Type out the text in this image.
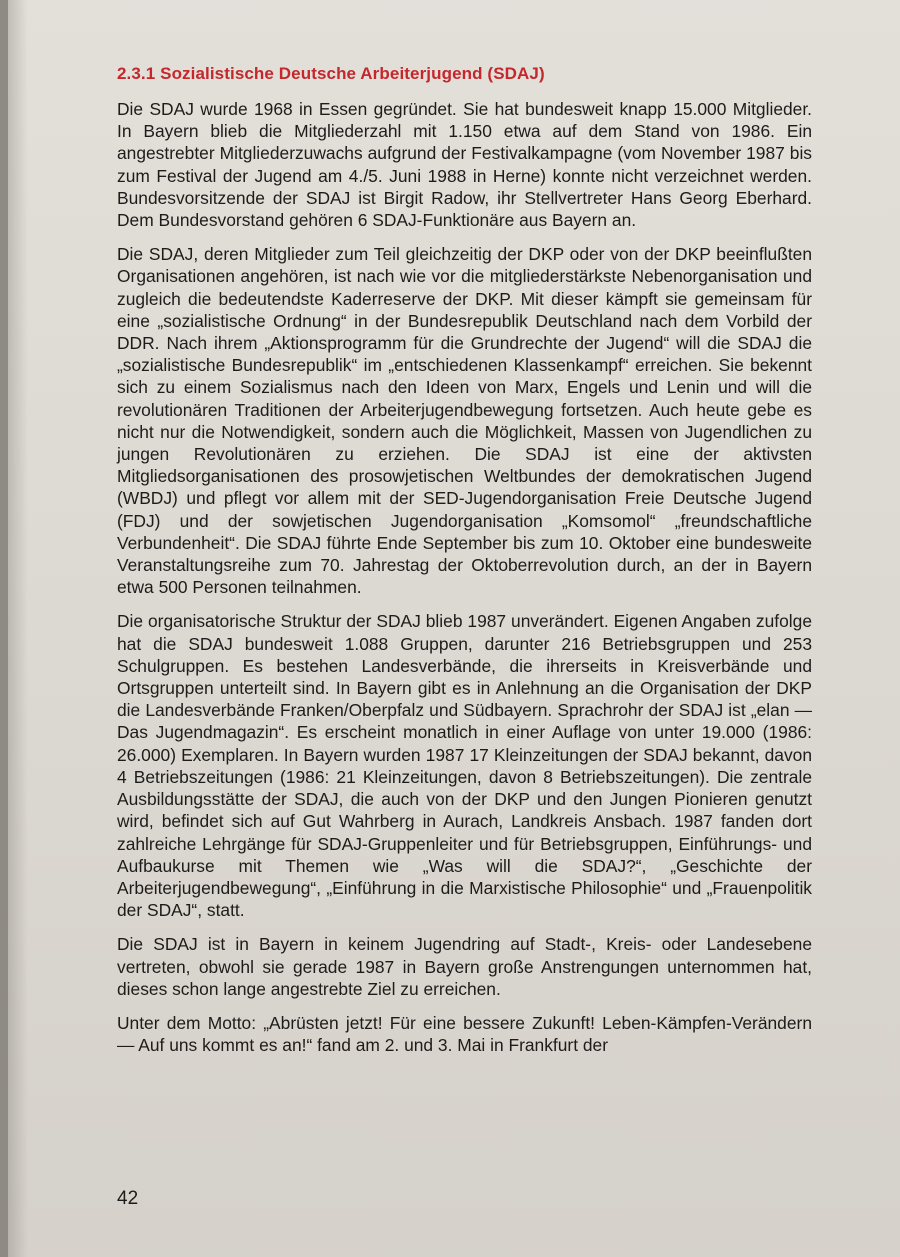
2.3.1 Sozialistische Deutsche Arbeiterjugend (SDAJ)

Die SDAJ wurde 1968 in Essen gegründet. Sie hat bundesweit knapp 15.000 Mitglieder. In Bayern blieb die Mitgliederzahl mit 1.150 etwa auf dem Stand von 1986. Ein angestrebter Mitgliederzuwachs aufgrund der Festivalkampagne (vom November 1987 bis zum Festival der Jugend am 4./5. Juni 1988 in Herne) konnte nicht verzeichnet werden. Bundesvorsitzende der SDAJ ist Birgit Radow, ihr Stellvertreter Hans Georg Eberhard. Dem Bundesvorstand gehören 6 SDAJ-Funktionäre aus Bayern an.

Die SDAJ, deren Mitglieder zum Teil gleichzeitig der DKP oder von der DKP beeinflußten Organisationen angehören, ist nach wie vor die mitgliederstärkste Nebenorganisation und zugleich die bedeutendste Kaderreserve der DKP. Mit dieser kämpft sie gemeinsam für eine „sozialistische Ordnung“ in der Bundesrepublik Deutschland nach dem Vorbild der DDR. Nach ihrem „Aktionsprogramm für die Grundrechte der Jugend“ will die SDAJ die „sozialistische Bundesrepublik“ im „entschiedenen Klassenkampf“ erreichen. Sie bekennt sich zu einem Sozialismus nach den Ideen von Marx, Engels und Lenin und will die revolutionären Traditionen der Arbeiterjugendbewegung fortsetzen. Auch heute gebe es nicht nur die Notwendigkeit, sondern auch die Möglichkeit, Massen von Jugendlichen zu jungen Revolutionären zu erziehen. Die SDAJ ist eine der aktivsten Mitgliedsorganisationen des prosowjetischen Weltbundes der demokratischen Jugend (WBDJ) und pflegt vor allem mit der SED-Jugendorganisation Freie Deutsche Jugend (FDJ) und der sowjetischen Jugendorganisation „Komsomol“ „freundschaftliche Verbundenheit“. Die SDAJ führte Ende September bis zum 10. Oktober eine bundesweite Veranstaltungsreihe zum 70. Jahrestag der Oktoberrevolution durch, an der in Bayern etwa 500 Personen teilnahmen.

Die organisatorische Struktur der SDAJ blieb 1987 unverändert. Eigenen Angaben zufolge hat die SDAJ bundesweit 1.088 Gruppen, darunter 216 Betriebsgruppen und 253 Schulgruppen. Es bestehen Landesverbände, die ihrerseits in Kreisverbände und Ortsgruppen unterteilt sind. In Bayern gibt es in Anlehnung an die Organisation der DKP die Landesverbände Franken/Oberpfalz und Südbayern. Sprachrohr der SDAJ ist „elan — Das Jugendmagazin“. Es erscheint monatlich in einer Auflage von unter 19.000 (1986: 26.000) Exemplaren. In Bayern wurden 1987 17 Kleinzeitungen der SDAJ bekannt, davon 4 Betriebszeitungen (1986: 21 Kleinzeitungen, davon 8 Betriebszeitungen). Die zentrale Ausbildungsstätte der SDAJ, die auch von der DKP und den Jungen Pionieren genutzt wird, befindet sich auf Gut Wahrberg in Aurach, Landkreis Ansbach. 1987 fanden dort zahlreiche Lehrgänge für SDAJ-Gruppenleiter und für Betriebsgruppen, Einführungs- und Aufbaukurse mit Themen wie „Was will die SDAJ?“, „Geschichte der Arbeiterjugendbewegung“, „Einführung in die Marxistische Philosophie“ und „Frauenpolitik der SDAJ“, statt.

Die SDAJ ist in Bayern in keinem Jugendring auf Stadt-, Kreis- oder Landesebene vertreten, obwohl sie gerade 1987 in Bayern große Anstrengungen unternommen hat, dieses schon lange angestrebte Ziel zu erreichen.

Unter dem Motto: „Abrüsten jetzt! Für eine bessere Zukunft! Leben-Kämpfen-Verändern — Auf uns kommt es an!“ fand am 2. und 3. Mai in Frankfurt der

42
